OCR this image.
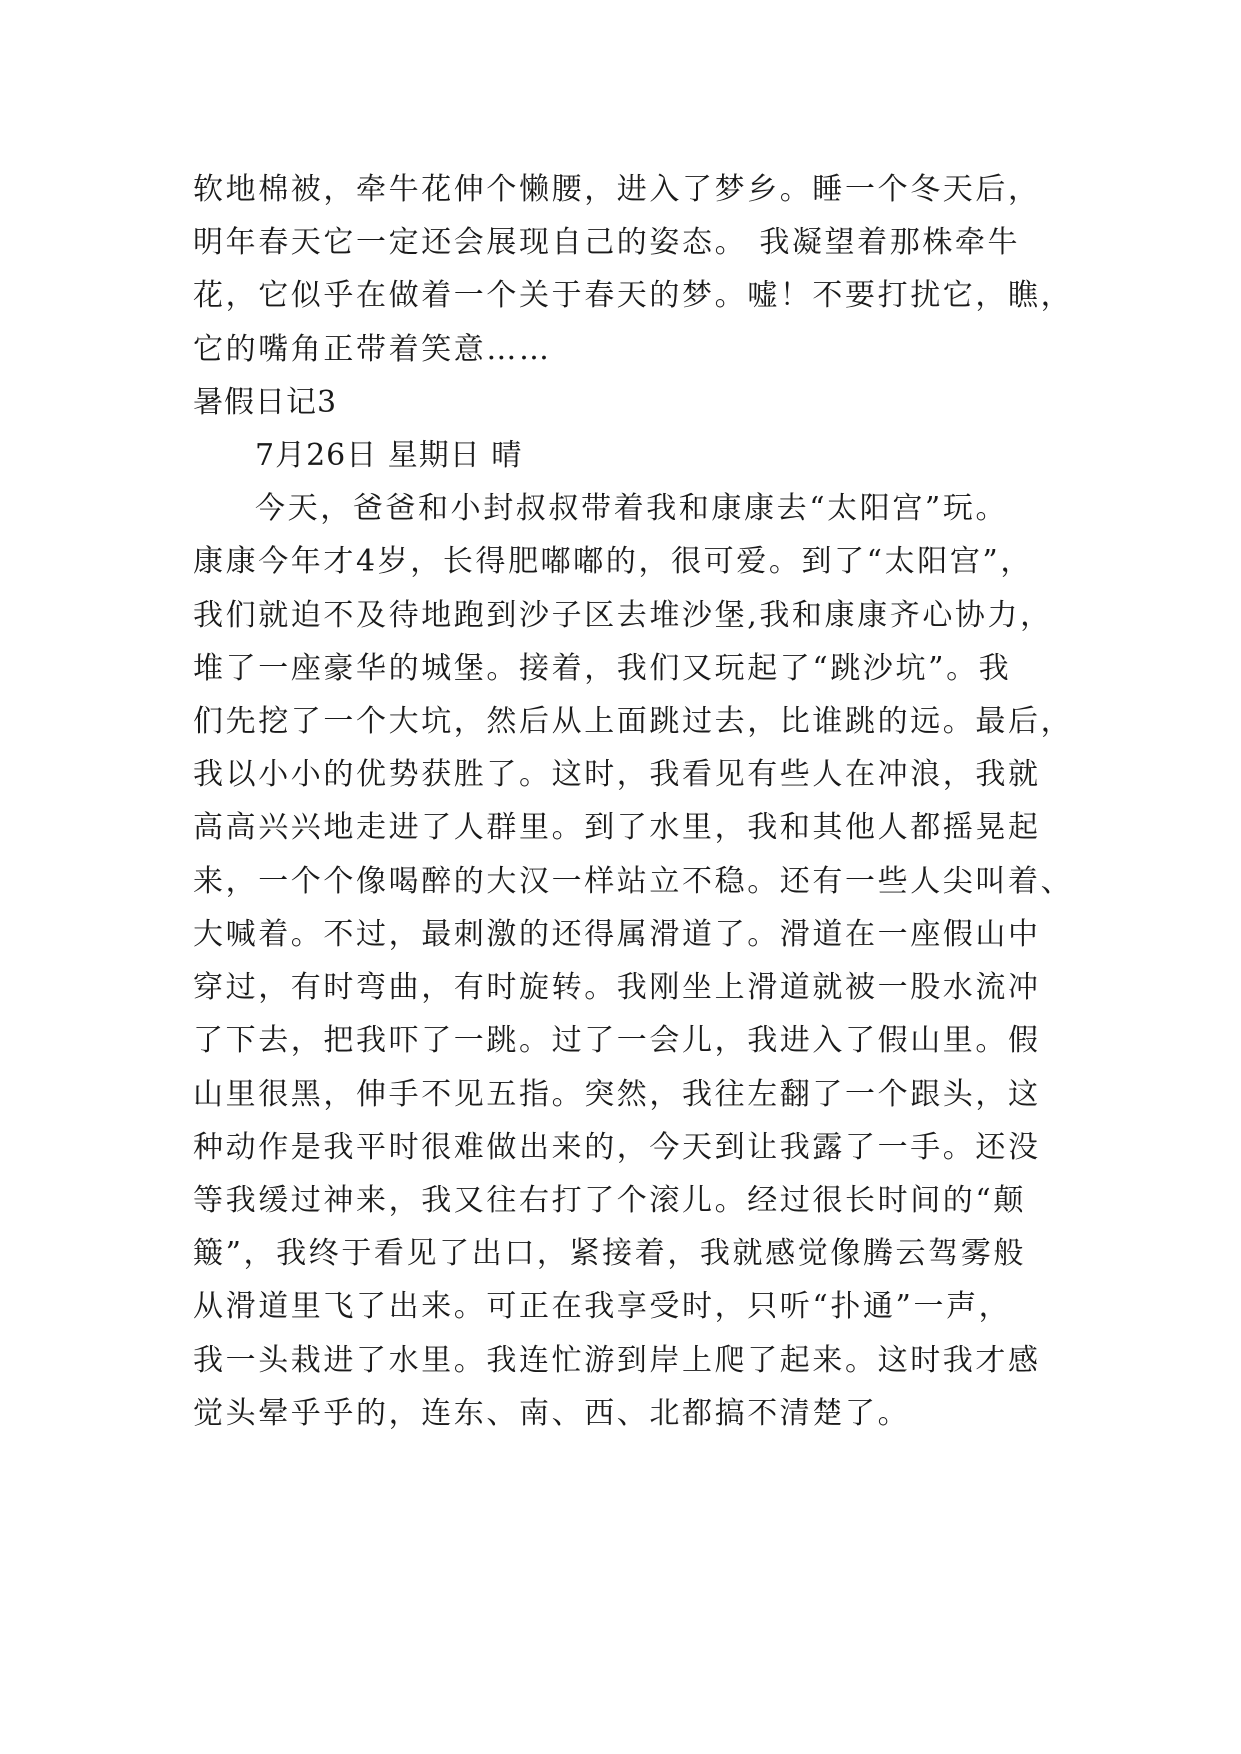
软地棉被，牵牛花伸个懒腰，进入了梦乡。睡一个冬天后，
明年春天它一定还会展现自己的姿态。 我凝望着那株牵牛
花，它似乎在做着一个关于春天的梦。嘘！不要打扰它，瞧，
它的嘴角正带着笑意……
暑假日记3
7月26日 星期日 晴
今天，爸爸和小封叔叔带着我和康康去“太阳宫”玩。
康康今年才4岁，长得肥嘟嘟的，很可爱。到了“太阳宫”，
我们就迫不及待地跑到沙子区去堆沙堡,我和康康齐心协力，
堆了一座豪华的城堡。接着，我们又玩起了“跳沙坑”。我
们先挖了一个大坑，然后从上面跳过去，比谁跳的远。最后，
我以小小的优势获胜了。这时，我看见有些人在冲浪，我就
高高兴兴地走进了人群里。到了水里，我和其他人都摇晃起
来，一个个像喝醉的大汉一样站立不稳。还有一些人尖叫着、
大喊着。不过，最刺激的还得属滑道了。滑道在一座假山中
穿过，有时弯曲，有时旋转。我刚坐上滑道就被一股水流冲
了下去，把我吓了一跳。过了一会儿，我进入了假山里。假
山里很黑，伸手不见五指。突然，我往左翻了一个跟头，这
种动作是我平时很难做出来的，今天到让我露了一手。还没
等我缓过神来，我又往右打了个滚儿。经过很长时间的“颠
簸”，我终于看见了出口，紧接着，我就感觉像腾云驾雾般
从滑道里飞了出来。可正在我享受时，只听“扑通”一声，
我一头栽进了水里。我连忙游到岸上爬了起来。这时我才感
觉头晕乎乎的，连东、南、西、北都搞不清楚了。
